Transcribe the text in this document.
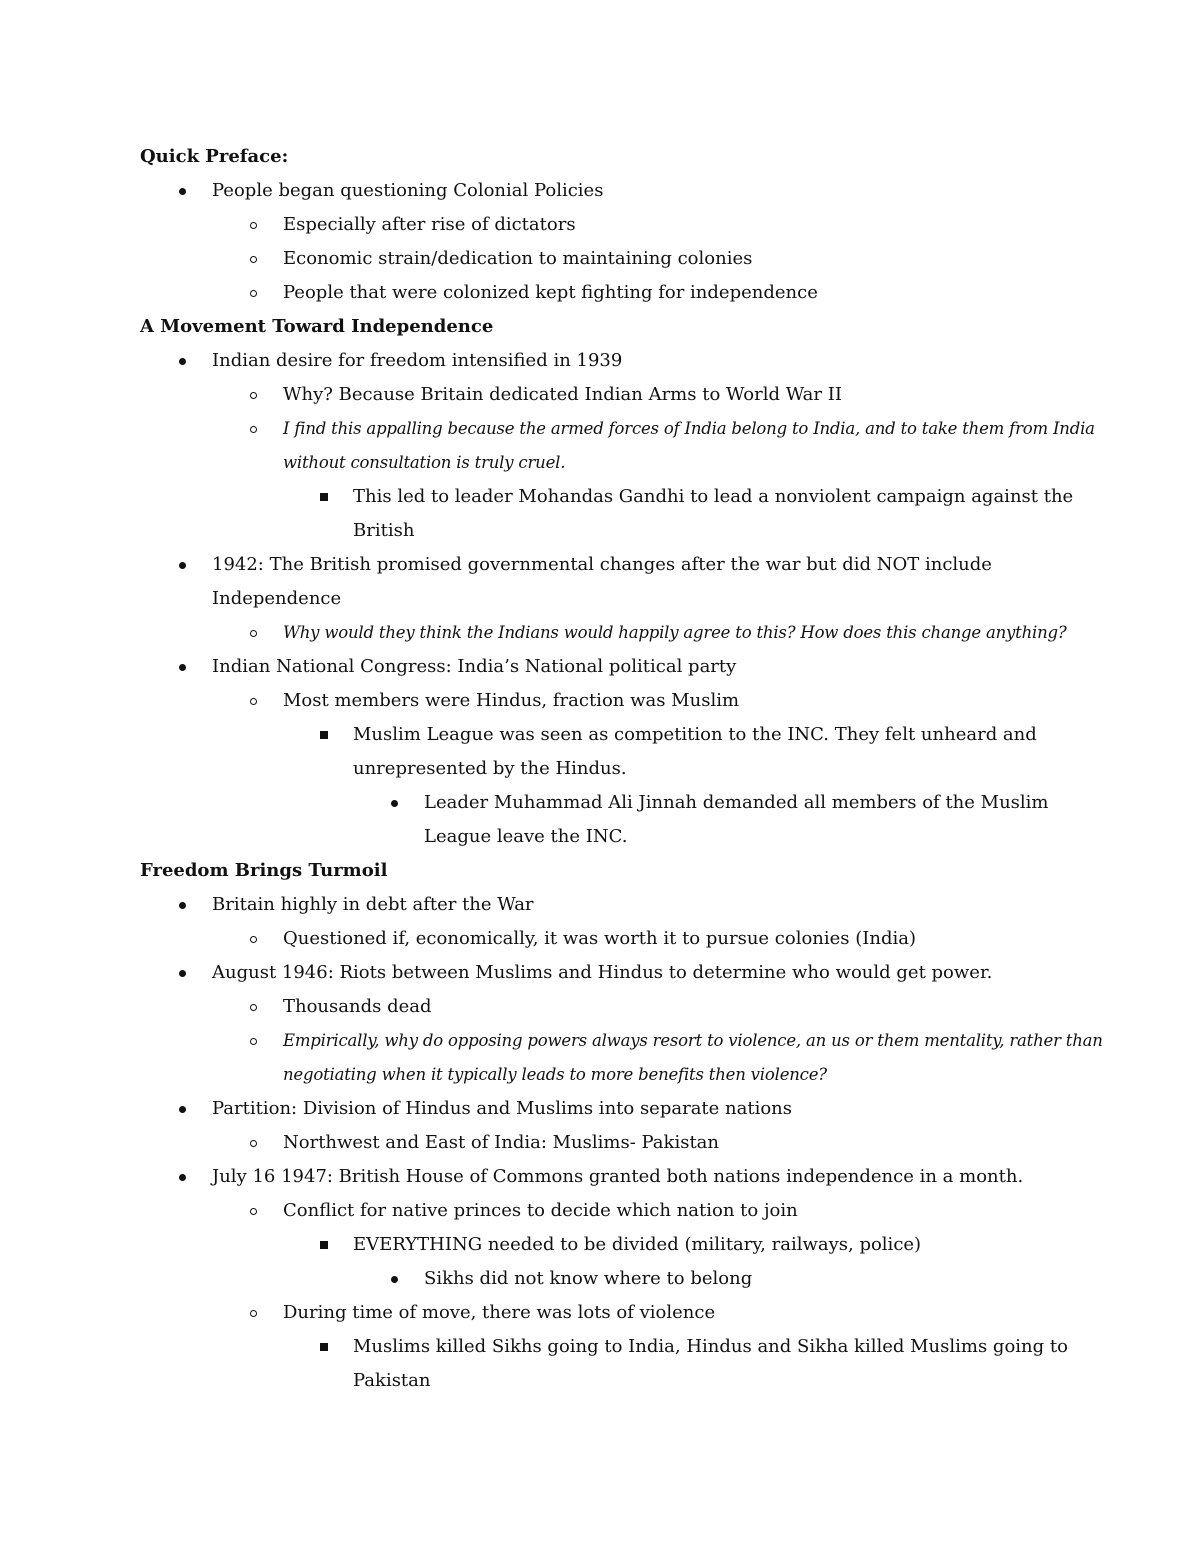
Quick Preface:
People began questioning Colonial Policies
Especially after rise of dictators
Economic strain/dedication to maintaining colonies
People that were colonized kept fighting for independence
A Movement Toward Independence
Indian desire for freedom intensified in 1939
Why? Because Britain dedicated Indian Arms to World War II
I find this appalling because the armed forces of India belong to India, and to take them from India
without consultation is truly cruel.
This led to leader Mohandas Gandhi to lead a nonviolent campaign against the
British
1942: The British promised governmental changes after the war but did NOT include
Independence
Why would they think the Indians would happily agree to this? How does this change anything?
Indian National Congress: India’s National political party
Most members were Hindus, fraction was Muslim
Muslim League was seen as competition to the INC. They felt unheard and
unrepresented by the Hindus.
Leader Muhammad Ali Jinnah demanded all members of the Muslim
League leave the INC.
Freedom Brings Turmoil
Britain highly in debt after the War
Questioned if, economically, it was worth it to pursue colonies (India)
August 1946: Riots between Muslims and Hindus to determine who would get power.
Thousands dead
Empirically, why do opposing powers always resort to violence, an us or them mentality, rather than
negotiating when it typically leads to more benefits then violence?
Partition: Division of Hindus and Muslims into separate nations
Northwest and East of India: Muslims- Pakistan
July 16 1947: British House of Commons granted both nations independence in a month.
Conflict for native princes to decide which nation to join
EVERYTHING needed to be divided (military, railways, police)
Sikhs did not know where to belong
During time of move, there was lots of violence
Muslims killed Sikhs going to India, Hindus and Sikha killed Muslims going to
Pakistan
